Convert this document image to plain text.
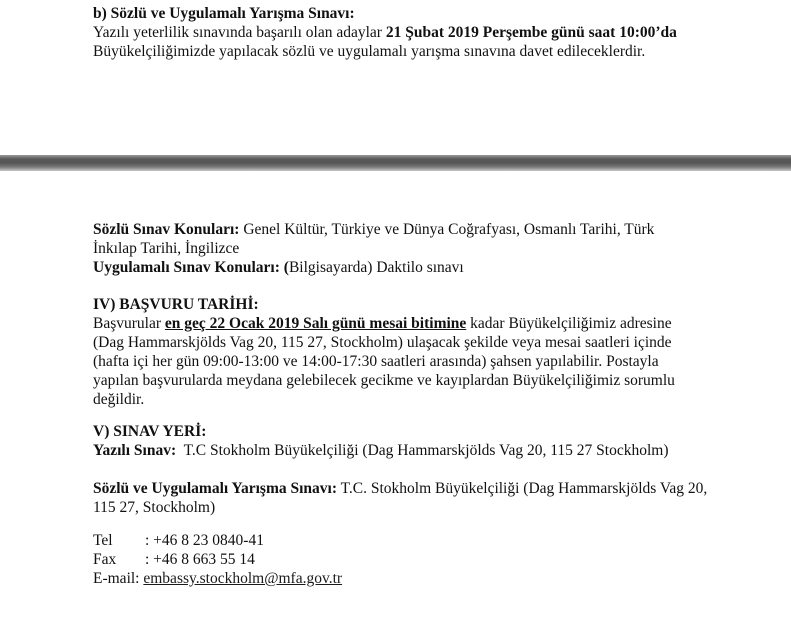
b) Sözlü ve Uygulamalı Yarışma Sınavı:
Yazılı yeterlilik sınavında başarılı olan adaylar 21 Şubat 2019 Perşembe günü saat 10:00’da
Büyükelçiliğimizde yapılacak sözlü ve uygulamalı yarışma sınavına davet edileceklerdir.
Sözlü Sınav Konuları: Genel Kültür, Türkiye ve Dünya Coğrafyası, Osmanlı Tarihi, Türk İnkılap Tarihi, İngilizce
Uygulamalı Sınav Konuları: (Bilgisayarda) Daktilo sınavı
IV) BAŞVURU TARİHİ:
Başvurular en geç 22 Ocak 2019 Salı günü mesai bitimine kadar Büyükelçiliğimiz adresine (Dag Hammarskjölds Vag 20, 115 27, Stockholm) ulaşacak şekilde veya mesai saatleri içinde (hafta içi her gün 09:00-13:00 ve 14:00-17:30 saatleri arasında) şahsen yapılabilir. Postayla yapılan başvurularda meydana gelebilecek gecikme ve kayıplardan Büyükelçiliğimiz sorumlu değildir.
V) SINAV YERİ:
Yazılı Sınav:  T.C Stokholm Büyükelçiliği (Dag Hammarskjölds Vag 20, 115 27 Stockholm)
Sözlü ve Uygulamalı Yarışma Sınavı: T.C. Stokholm Büyükelçiliği (Dag Hammarskjölds Vag 20, 115 27, Stockholm)
Tel : +46 8 23 0840-41
Fax : +46 8 663 55 14
E-mail: embassy.stockholm@mfa.gov.tr
